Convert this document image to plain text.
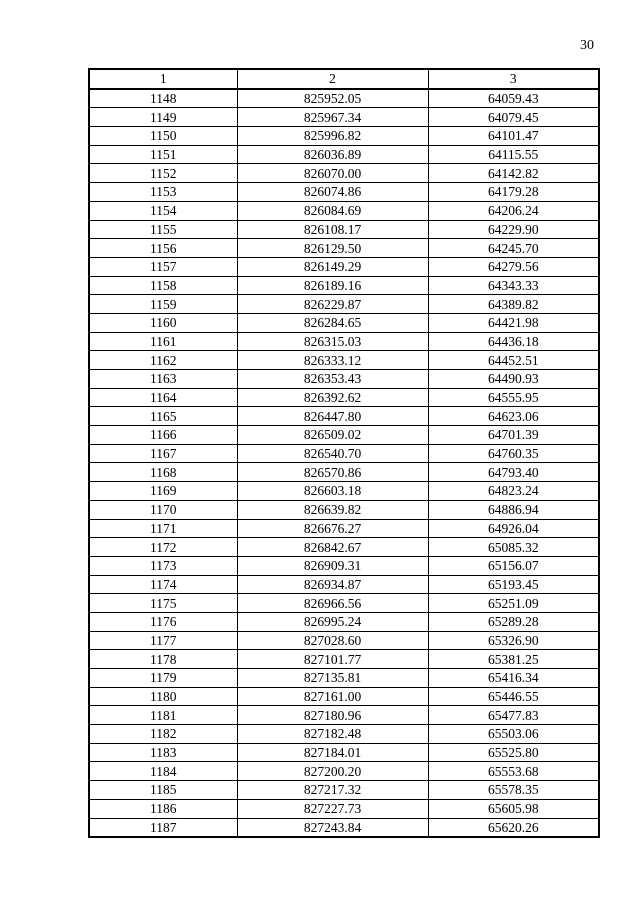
30
1	2	3
1148	825952.05	64059.43
1149	825967.34	64079.45
1150	825996.82	64101.47
1151	826036.89	64115.55
1152	826070.00	64142.82
1153	826074.86	64179.28
1154	826084.69	64206.24
1155	826108.17	64229.90
1156	826129.50	64245.70
1157	826149.29	64279.56
1158	826189.16	64343.33
1159	826229.87	64389.82
1160	826284.65	64421.98
1161	826315.03	64436.18
1162	826333.12	64452.51
1163	826353.43	64490.93
1164	826392.62	64555.95
1165	826447.80	64623.06
1166	826509.02	64701.39
1167	826540.70	64760.35
1168	826570.86	64793.40
1169	826603.18	64823.24
1170	826639.82	64886.94
1171	826676.27	64926.04
1172	826842.67	65085.32
1173	826909.31	65156.07
1174	826934.87	65193.45
1175	826966.56	65251.09
1176	826995.24	65289.28
1177	827028.60	65326.90
1178	827101.77	65381.25
1179	827135.81	65416.34
1180	827161.00	65446.55
1181	827180.96	65477.83
1182	827182.48	65503.06
1183	827184.01	65525.80
1184	827200.20	65553.68
1185	827217.32	65578.35
1186	827227.73	65605.98
1187	827243.84	65620.26
